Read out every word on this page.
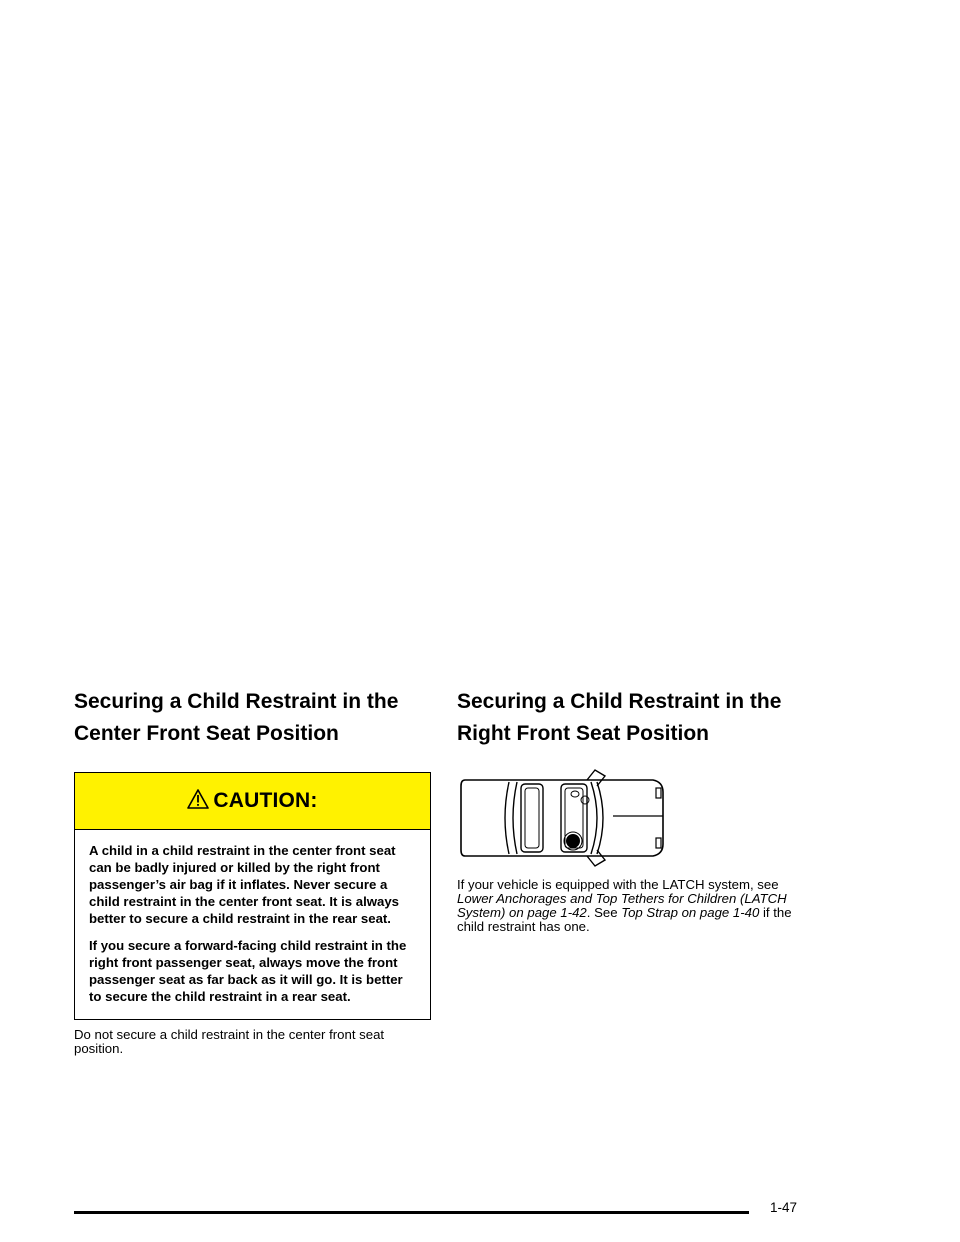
Securing a Child Restraint in the
Center Front Seat Position
CAUTION:

A child in a child restraint in the center front seat can be badly injured or killed by the right front passenger’s air bag if it inflates. Never secure a child restraint in the center front seat. It is always better to secure a child restraint in the rear seat.

If you secure a forward-facing child restraint in the right front passenger seat, always move the front passenger seat as far back as it will go. It is better to secure the child restraint in a rear seat.

Do not secure a child restraint in the center front seat position.

Securing a Child Restraint in the
Right Front Seat Position

If your vehicle is equipped with the LATCH system, see Lower Anchorages and Top Tethers for Children (LATCH System) on page 1-42. See Top Strap on page 1-40 if the child restraint has one.

1-47
